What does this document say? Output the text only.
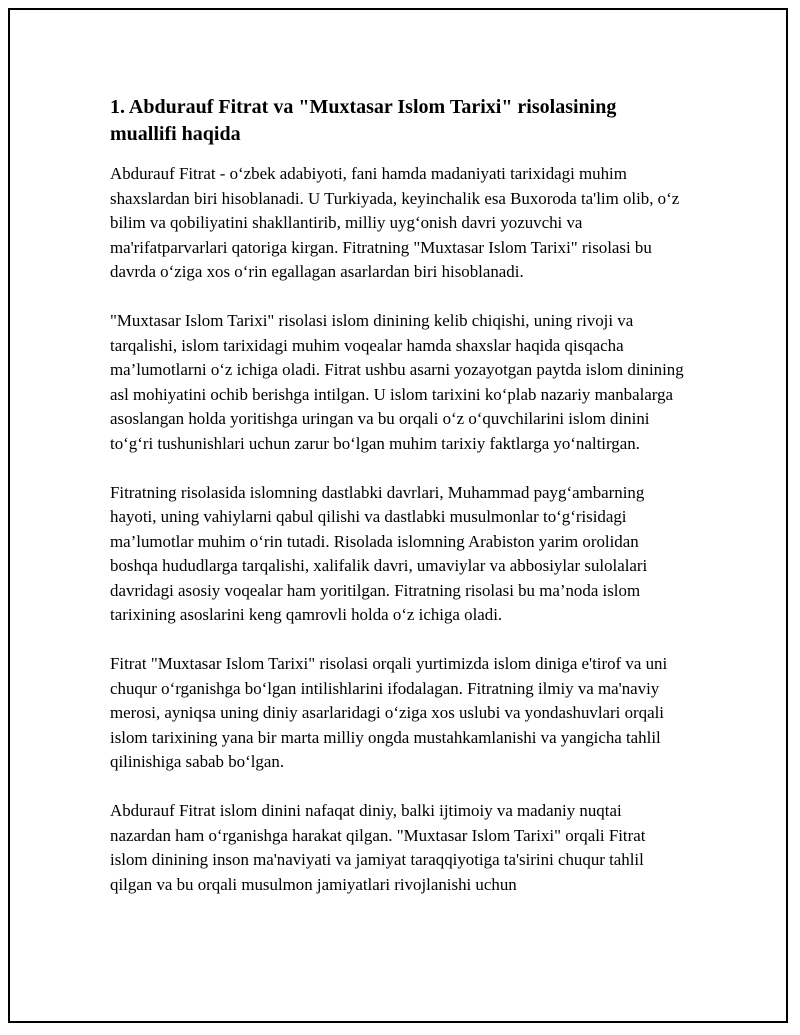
1. Abdurauf Fitrat va "Muxtasar Islom Tarixi" risolasining muallifi haqida

Abdurauf Fitrat - o‘zbek adabiyoti, fani hamda madaniyati tarixidagi muhim shaxslardan biri hisoblanadi. U Turkiyada, keyinchalik esa Buxoroda ta'lim olib, o‘z bilim va qobiliyatini shakllantirib, milliy uyg‘onish davri yozuvchi va ma'rifatparvarlari qatoriga kirgan. Fitratning "Muxtasar Islom Tarixi" risolasi bu davrda o‘ziga xos o‘rin egallagan asarlardan biri hisoblanadi.

"Muxtasar Islom Tarixi" risolasi islom dinining kelib chiqishi, uning rivoji va tarqalishi, islom tarixidagi muhim voqealar hamda shaxslar haqida qisqacha ma’lumotlarni o‘z ichiga oladi. Fitrat ushbu asarni yozayotgan paytda islom dinining asl mohiyatini ochib berishga intilgan. U islom tarixini ko‘plab nazariy manbalarga asoslangan holda yoritishga uringan va bu orqali o‘z o‘quvchilarini islom dinini to‘g‘ri tushunishlari uchun zarur bo‘lgan muhim tarixiy faktlarga yo‘naltirgan.

Fitratning risolasida islomning dastlabki davrlari, Muhammad payg‘ambarning hayoti, uning vahiylarni qabul qilishi va dastlabki musulmonlar to‘g‘risidagi ma’lumotlar muhim o‘rin tutadi. Risolada islomning Arabiston yarim orolidan boshqa hududlarga tarqalishi, xalifalik davri, umaviylar va abbosiylar sulolalari davridagi asosiy voqealar ham yoritilgan. Fitratning risolasi bu ma’noda islom tarixining asoslarini keng qamrovli holda o‘z ichiga oladi.

Fitrat "Muxtasar Islom Tarixi" risolasi orqali yurtimizda islom diniga e'tirof va uni chuqur o‘rganishga bo‘lgan intilishlarini ifodalagan. Fitratning ilmiy va ma'naviy merosi, ayniqsa uning diniy asarlaridagi o‘ziga xos uslubi va yondashuvlari orqali islom tarixining yana bir marta milliy ongda mustahkamlanishi va yangicha tahlil qilinishiga sabab bo‘lgan.

Abdurauf Fitrat islom dinini nafaqat diniy, balki ijtimoiy va madaniy nuqtai nazardan ham o‘rganishga harakat qilgan. "Muxtasar Islom Tarixi" orqali Fitrat islom dinining inson ma'naviyati va jamiyat taraqqiyotiga ta'sirini chuqur tahlil qilgan va bu orqali musulmon jamiyatlari rivojlanishi uchun
